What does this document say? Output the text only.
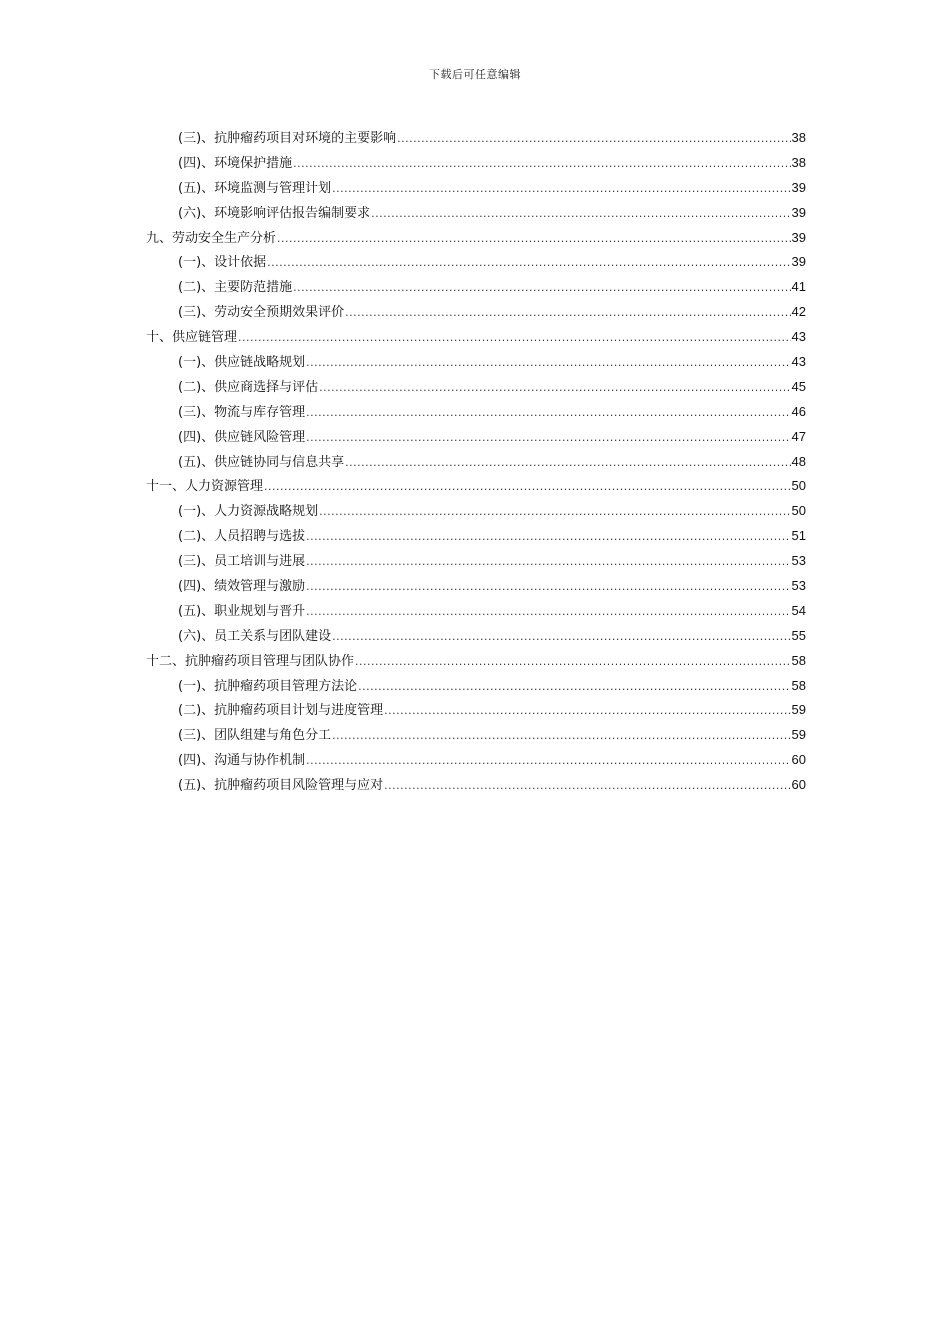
下载后可任意编辑
(三)、抗肿瘤药项目对环境的主要影响 .....	38
(四)、环境保护措施 .....	38
(五)、环境监测与管理计划 .....	39
(六)、环境影响评估报告编制要求 .....	39
九、劳动安全生产分析 .....	39
(一)、设计依据 .....	39
(二)、主要防范措施 .....	41
(三)、劳动安全预期效果评价 .....	42
十、供应链管理 .....	43
(一)、供应链战略规划 .....	43
(二)、供应商选择与评估 .....	45
(三)、物流与库存管理 .....	46
(四)、供应链风险管理 .....	47
(五)、供应链协同与信息共享 .....	48
十一、人力资源管理 .....	50
(一)、人力资源战略规划 .....	50
(二)、人员招聘与选拔 .....	51
(三)、员工培训与进展 .....	53
(四)、绩效管理与激励 .....	53
(五)、职业规划与晋升 .....	54
(六)、员工关系与团队建设 .....	55
十二、抗肿瘤药项目管理与团队协作 .....	58
(一)、抗肿瘤药项目管理方法论 .....	58
(二)、抗肿瘤药项目计划与进度管理 .....	59
(三)、团队组建与角色分工 .....	59
(四)、沟通与协作机制 .....	60
(五)、抗肿瘤药项目风险管理与应对 .....	60
